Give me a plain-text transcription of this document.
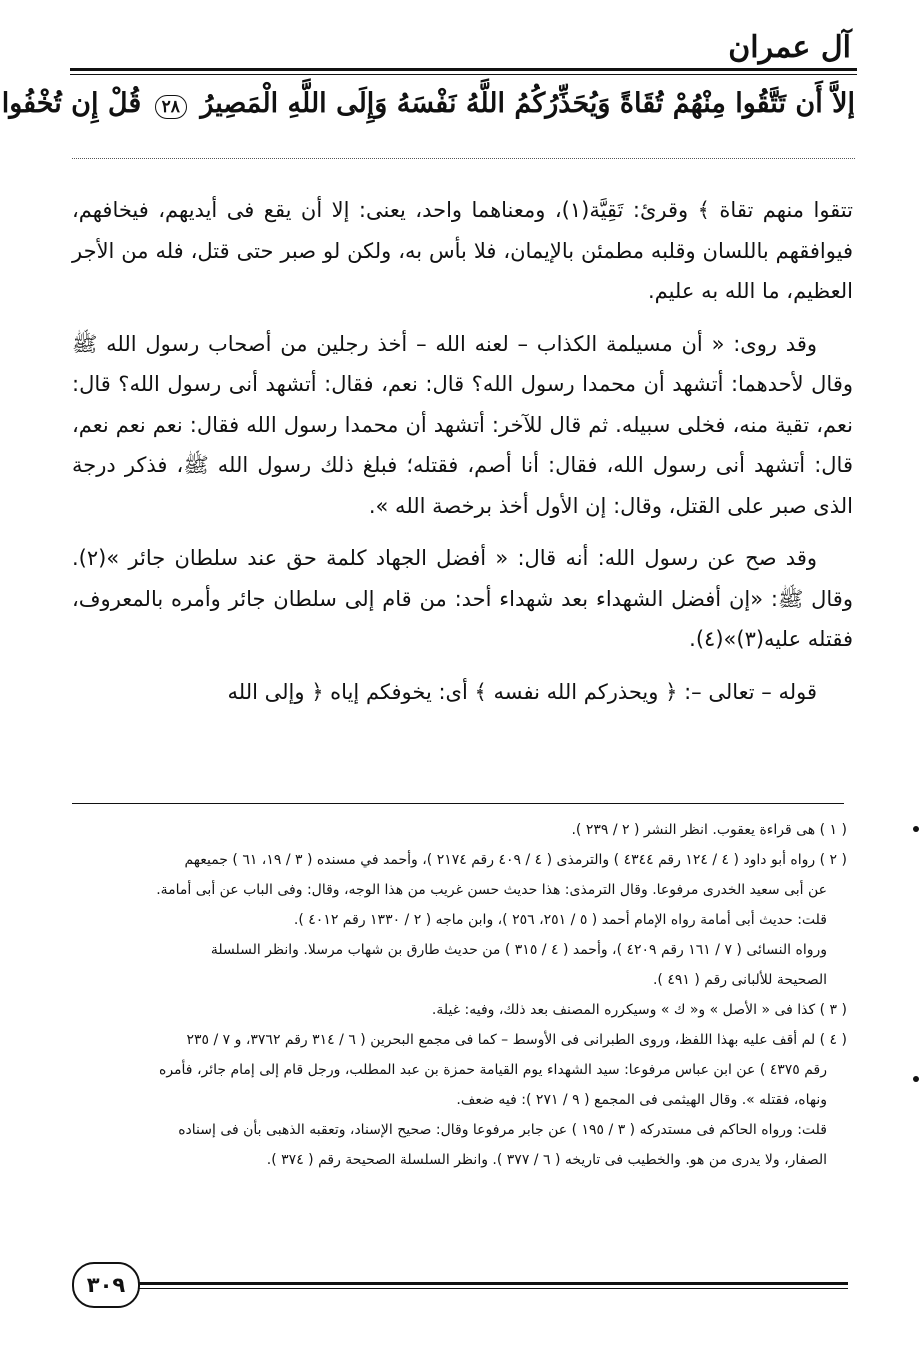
آل عمران
إلاَّ أَن تَتَّقُوا مِنْهُمْ تُقَاةً وَيُحَذِّرُكُمُ اللَّهُ نَفْسَهُ وَإِلَى اللَّهِ الْمَصِيرُ ٢٨ قُلْ إِن تُخْفُوا

تتقوا منهم تقاة ﴾ وقرئ: تَقِيَّة(١)، ومعناهما واحد، يعنى: إلا أن يقع فى أيديهم، فيخافهم، فيوافقهم باللسان وقلبه مطمئن بالإيمان، فلا بأس به، ولكن لو صبر حتى قتل، فله من الأجر العظيم، ما الله به عليم.

وقد روى: « أن مسيلمة الكذاب – لعنه الله – أخذ رجلين من أصحاب رسول الله ﷺ وقال لأحدهما: أتشهد أن محمدا رسول الله؟ قال: نعم، فقال: أتشهد أنى رسول الله؟ قال: نعم، تقية منه، فخلى سبيله. ثم قال للآخر: أتشهد أن محمدا رسول الله فقال: نعم نعم نعم، قال: أتشهد أنى رسول الله، فقال: أنا أصم، فقتله؛ فبلغ ذلك رسول الله ﷺ، فذكر درجة الذى صبر على القتل، وقال: إن الأول أخذ برخصة الله ».

وقد صح عن رسول الله: أنه قال: « أفضل الجهاد كلمة حق عند سلطان جائر »(٢). وقال ﷺ: «إن أفضل الشهداء بعد شهداء أحد: من قام إلى سلطان جائر وأمره بالمعروف، فقتله عليه(٣)»(٤).

قوله – تعالى –: ﴿ ويحذركم الله نفسه ﴾ أى: يخوفكم إياه ﴿ وإلى الله

( ١ ) هى قراءة يعقوب. انظر النشر ( ٢ / ٢٣٩ ).
( ٢ ) رواه أبو داود ( ٤ / ١٢٤ رقم ٤٣٤٤ ) والترمذى ( ٤ / ٤٠٩ رقم ٢١٧٤ )، وأحمد في مسنده ( ٣ / ١٩، ٦١ ) جميعهم
عن أبى سعيد الخدرى مرفوعا. وقال الترمذى: هذا حديث حسن غريب من هذا الوجه، وقال: وفى الباب عن أبى أمامة.
قلت: حديث أبى أمامة رواه الإمام أحمد ( ٥ / ٢٥١، ٢٥٦ )، وابن ماجه ( ٢ / ١٣٣٠ رقم ٤٠١٢ ).
ورواه النسائى ( ٧ / ١٦١ رقم ٤٢٠٩ )، وأحمد ( ٤ / ٣١٥ ) من حديث طارق بن شهاب مرسلا. وانظر السلسلة
الصحيحة للألبانى رقم ( ٤٩١ ).
( ٣ ) كذا فى « الأصل » و« ك » وسيكرره المصنف بعد ذلك، وفيه: غيلة.
( ٤ ) لم أقف عليه بهذا اللفظ، وروى الطبرانى فى الأوسط – كما فى مجمع البحرين ( ٦ / ٣١٤ رقم ٣٧٦٢، و ٧ / ٢٣٥
رقم ٤٣٧٥ ) عن ابن عباس مرفوعا: سيد الشهداء يوم القيامة حمزة بن عبد المطلب، ورجل قام إلى إمام جائر، فأمره
ونهاه، فقتله ». وقال الهيثمى فى المجمع ( ٩ / ٢٧١ ): فيه ضعف.
قلت: ورواه الحاكم فى مستدركه ( ٣ / ١٩٥ ) عن جابر مرفوعا وقال: صحيح الإسناد، وتعقبه الذهبى بأن فى إسناده
الصفار، ولا يدرى من هو. والخطيب فى تاريخه ( ٦ / ٣٧٧ ). وانظر السلسلة الصحيحة رقم ( ٣٧٤ ).
٣٠٩
